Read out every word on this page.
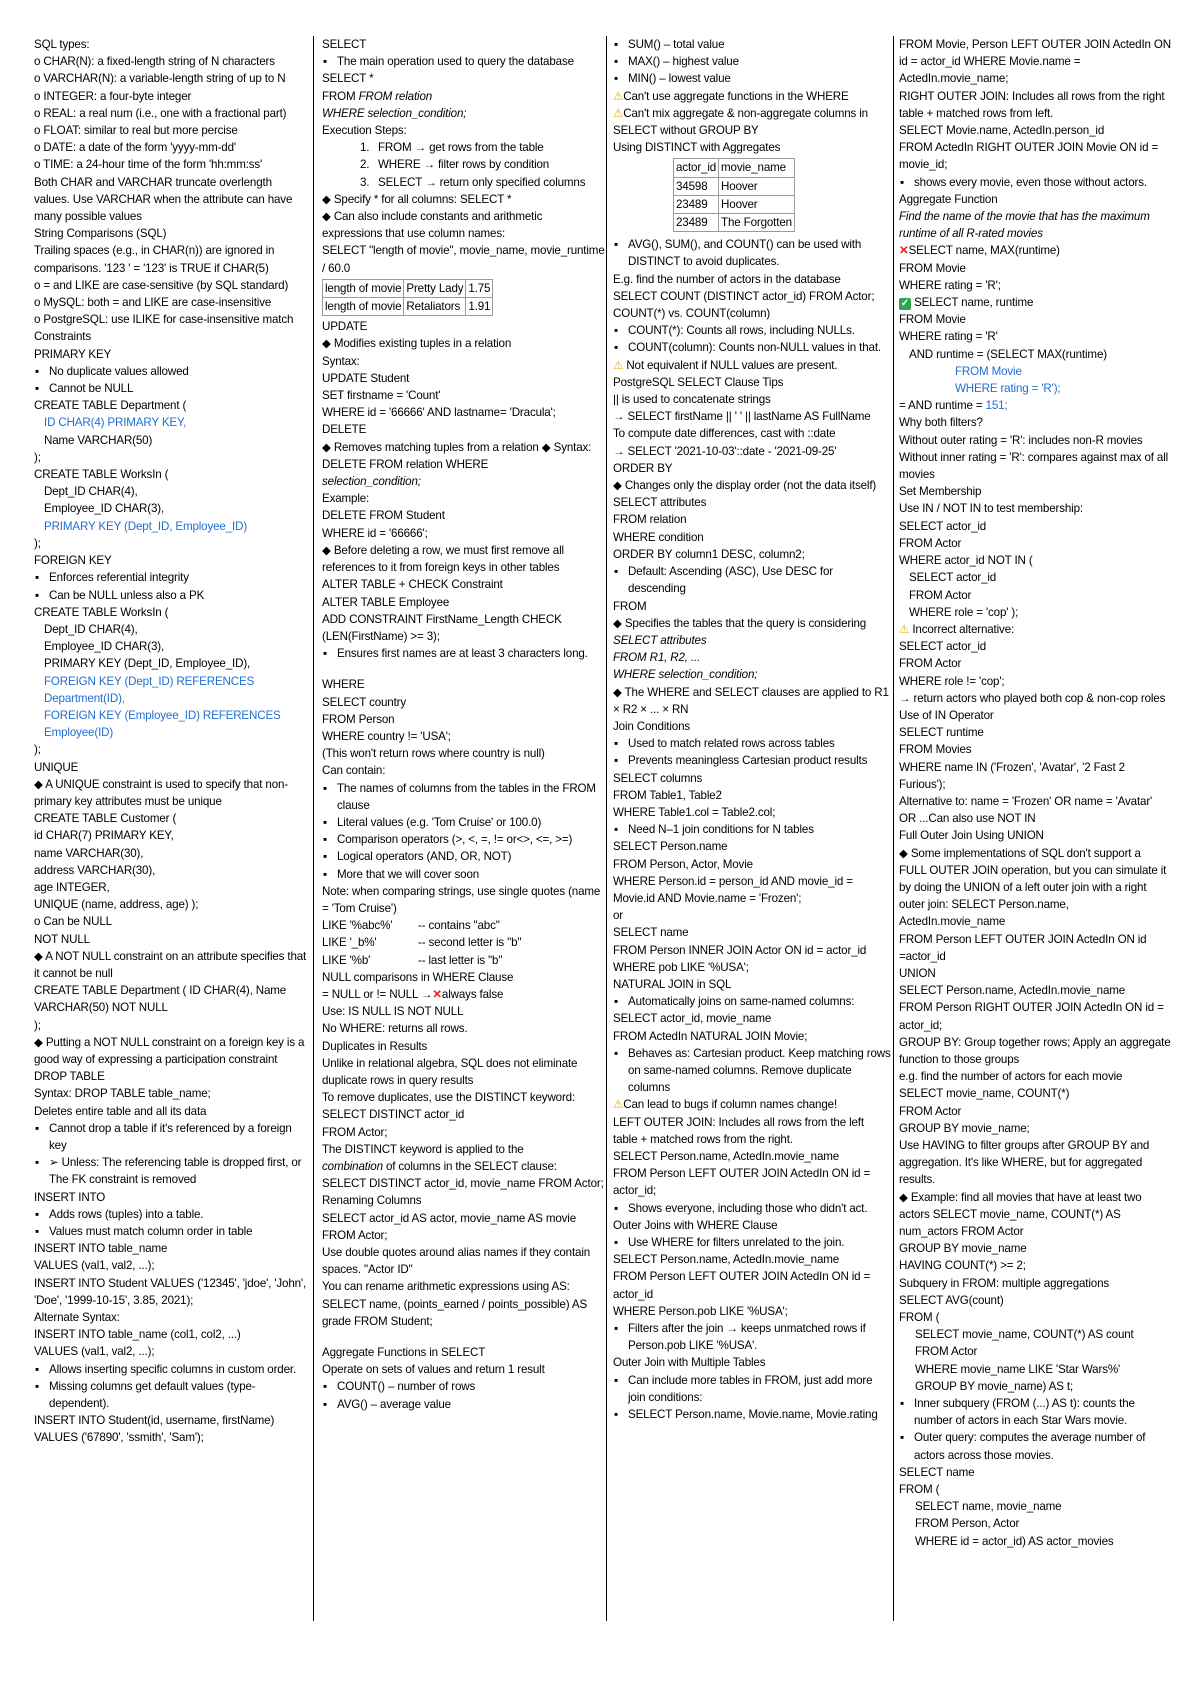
SQL types:

o CHAR(N): a fixed-length string of N characters

o VARCHAR(N): a variable-length string of up to N

o INTEGER: a four-byte integer

o REAL: a real num (i.e., one with a fractional part)

o FLOAT: similar to real but more percise

o DATE: a date of the form 'yyyy-mm-dd'

o TIME: a 24-hour time of the form 'hh:mm:ss'

Both CHAR and VARCHAR truncate overlength values. Use VARCHAR when the attribute can have many possible values

String Comparisons (SQL)

Trailing spaces (e.g., in CHAR(n)) are ignored in comparisons. '123 ' = '123' is TRUE if CHAR(5)

o = and LIKE are case-sensitive (by SQL standard)

o MySQL: both = and LIKE are case-insensitive

o PostgreSQL: use ILIKE for case-insensitive match

Constraints

PRIMARY KEY

▪ No duplicate values allowed

▪ Cannot be NULL

CREATE TABLE Department (

ID CHAR(4) PRIMARY KEY,

Name VARCHAR(50)

);

CREATE TABLE WorksIn (

Dept_ID CHAR(4),

Employee_ID CHAR(3),

PRIMARY KEY (Dept_ID, Employee_ID)

);

FOREIGN KEY

▪ Enforces referential integrity

▪ Can be NULL unless also a PK

CREATE TABLE WorksIn (

Dept_ID CHAR(4),

Employee_ID CHAR(3),

PRIMARY KEY (Dept_ID, Employee_ID),

FOREIGN KEY (Dept_ID) REFERENCES Department(ID),

FOREIGN KEY (Employee_ID) REFERENCES Employee(ID)

);

UNIQUE

◆ A UNIQUE constraint is used to specify that non-primary key attributes must be unique

CREATE TABLE Customer (

id CHAR(7) PRIMARY KEY,

name VARCHAR(30),

address VARCHAR(30),

age INTEGER,

UNIQUE (name, address, age) );

o Can be NULL

NOT NULL

◆ A NOT NULL constraint on an attribute specifies that it cannot be null

CREATE TABLE Department ( ID CHAR(4), Name VARCHAR(50) NOT NULL

);

◆ Putting a NOT NULL constraint on a foreign key is a good way of expressing a participation constraint

DROP TABLE

Syntax: DROP TABLE table_name;

Deletes entire table and all its data

▪ Cannot drop a table if it's referenced by a foreign key

▪ ➢ Unless: The referencing table is dropped first, or The FK constraint is removed

INSERT INTO

▪ Adds rows (tuples) into a table.

▪ Values must match column order in table

INSERT INTO table_name

VALUES (val1, val2, ...);

INSERT INTO Student VALUES ('12345', 'jdoe', 'John', 'Doe', '1999-10-15', 3.85, 2021);

Alternate Syntax:

INSERT INTO table_name (col1, col2, ...)

VALUES (val1, val2, ...);

▪ Allows inserting specific columns in custom order.

▪ Missing columns get default values (type-dependent).

INSERT INTO Student(id, username, firstName)

VALUES ('67890', 'ssmith', 'Sam');

SELECT

▪ The main operation used to query the database

SELECT *

FROM FROM relation

WHERE selection_condition;

Execution Steps:

1. FROM → get rows from the table

2. WHERE → filter rows by condition

3. SELECT → return only specified columns

◆ Specify * for all columns: SELECT *

◆ Can also include constants and arithmetic expressions that use column names:

SELECT "length of movie", movie_name, movie_runtime / 60.0

length of movie	Pretty Lady	1.75
length of movie	Retaliators	1.91

UPDATE

◆ Modifies existing tuples in a relation

Syntax:

UPDATE Student

SET firstname = 'Count'

WHERE id = '66666' AND lastname= 'Dracula';

DELETE

◆ Removes matching tuples from a relation ◆ Syntax:

DELETE FROM relation WHERE

selection_condition;

Example:

DELETE FROM Student

WHERE id = '66666';

◆ Before deleting a row, we must first remove all references to it from foreign keys in other tables

ALTER TABLE + CHECK Constraint

ALTER TABLE Employee

ADD CONSTRAINT FirstName_Length CHECK (LEN(FirstName) >= 3);

▪ Ensures first names are at least 3 characters long.

WHERE

SELECT country

FROM Person

WHERE country != 'USA';

(This won't return rows where country is null)

Can contain:

▪ The names of columns from the tables in the FROM clause

▪ Literal values (e.g. 'Tom Cruise' or 100.0)

▪ Comparison operators (>, <, =, != or<>, <=, >=)

▪ Logical operators (AND, OR, NOT)

▪ More that we will cover soon

Note: when comparing strings, use single quotes (name = 'Tom Cruise')

LIKE '%abc%' -- contains "abc"

LIKE '_b%'	-- second letter is "b"

LIKE '%b'	-- last letter is "b"

NULL comparisons in WHERE Clause

= NULL or != NULL →✕always false

Use: IS NULL IS NOT NULL

No WHERE: returns all rows.

Duplicates in Results

Unlike in relational algebra, SQL does not eliminate duplicate rows in query results

To remove duplicates, use the DISTINCT keyword:

SELECT DISTINCT actor_id

FROM Actor;

The DISTINCT keyword is applied to the

combination of columns in the SELECT clause:

SELECT DISTINCT actor_id, movie_name FROM Actor;

Renaming Columns

SELECT actor_id AS actor, movie_name AS movie

FROM Actor;

Use double quotes around alias names if they contain spaces. "Actor ID"

You can rename arithmetic expressions using AS:

SELECT name, (points_earned / points_possible) AS grade FROM Student;

Aggregate Functions in SELECT

Operate on sets of values and return 1 result

▪ COUNT() – number of rows

▪ AVG() – average value

▪ SUM() – total value

▪ MAX() – highest value

▪ MIN() – lowest value

⚠Can't use aggregate functions in the WHERE

⚠Can't mix aggregate & non-aggregate columns in SELECT without GROUP BY

Using DISTINCT with Aggregates

actor_id	movie_name
34598	Hoover
23489	Hoover
23489	The Forgotten

▪ AVG(), SUM(), and COUNT() can be used with DISTINCT to avoid duplicates.

E.g. find the number of actors in the database

SELECT COUNT (DISTINCT actor_id) FROM Actor;

COUNT(*) vs. COUNT(column)

▪ COUNT(*): Counts all rows, including NULLs.

▪ COUNT(column): Counts non-NULL values in that.

⚠ Not equivalent if NULL values are present.

PostgreSQL SELECT Clause Tips

|| is used to concatenate strings

→ SELECT firstName || ' ' || lastName AS FullName

To compute date differences, cast with ::date

→ SELECT '2021-10-03'::date - '2021-09-25'

ORDER BY

◆ Changes only the display order (not the data itself)

SELECT attributes

FROM relation

WHERE condition

ORDER BY column1 DESC, column2;

▪ Default: Ascending (ASC), Use DESC for descending

FROM

◆ Specifies the tables that the query is considering

SELECT attributes

FROM R1, R2, ...

WHERE selection_condition;

◆ The WHERE and SELECT clauses are applied to R1 × R2 × ... × RN

Join Conditions

▪ Used to match related rows across tables

▪ Prevents meaningless Cartesian product results

SELECT columns

FROM Table1, Table2

WHERE Table1.col = Table2.col;

▪ Need N–1 join conditions for N tables

SELECT Person.name

FROM Person, Actor, Movie

WHERE Person.id = person_id AND movie_id = Movie.id AND Movie.name = 'Frozen';

or

SELECT name

FROM Person INNER JOIN Actor ON id = actor_id WHERE pob LIKE '%USA';

NATURAL JOIN in SQL

▪ Automatically joins on same-named columns:

SELECT actor_id, movie_name

FROM ActedIn NATURAL JOIN Movie;

▪ Behaves as: Cartesian product. Keep matching rows on same-named columns. Remove duplicate columns

⚠Can lead to bugs if column names change!

LEFT OUTER JOIN: Includes all rows from the left table + matched rows from the right.

SELECT Person.name, ActedIn.movie_name

FROM Person LEFT OUTER JOIN ActedIn ON id = actor_id;

▪ Shows everyone, including those who didn't act.

Outer Joins with WHERE Clause

▪ Use WHERE for filters unrelated to the join.

SELECT Person.name, ActedIn.movie_name

FROM Person LEFT OUTER JOIN ActedIn ON id = actor_id

WHERE Person.pob LIKE '%USA';

▪ Filters after the join → keeps unmatched rows if Person.pob LIKE '%USA'.

Outer Join with Multiple Tables

▪ Can include more tables in FROM, just add more join conditions:

▪ SELECT Person.name, Movie.name, Movie.rating

FROM Movie, Person LEFT OUTER JOIN ActedIn ON id = actor_id WHERE Movie.name = ActedIn.movie_name;

RIGHT OUTER JOIN: Includes all rows from the right table + matched rows from left.

SELECT Movie.name, ActedIn.person_id

FROM ActedIn RIGHT OUTER JOIN Movie ON id = movie_id;

▪ shows every movie, even those without actors.

Aggregate Function

Find the name of the movie that has the maximum runtime of all R-rated movies

✕SELECT name, MAX(runtime)

FROM Movie

WHERE rating = 'R';

✓ SELECT name, runtime

FROM Movie

WHERE rating = 'R'

AND runtime = (SELECT MAX(runtime)

FROM Movie

WHERE rating = 'R');

= AND runtime = 151;

Why both filters?

Without outer rating = 'R': includes non-R movies

Without inner rating = 'R': compares against max of all movies

Set Membership

Use IN / NOT IN to test membership:

SELECT actor_id

FROM Actor

WHERE actor_id NOT IN (

SELECT actor_id

FROM Actor

WHERE role = 'cop' );

⚠ Incorrect alternative:

SELECT actor_id

FROM Actor

WHERE role != 'cop';

→ return actors who played both cop & non-cop roles

Use of IN Operator

SELECT runtime

FROM Movies

WHERE name IN ('Frozen', 'Avatar', '2 Fast 2 Furious');

Alternative to: name = 'Frozen' OR name = 'Avatar' OR ...Can also use NOT IN

Full Outer Join Using UNION

◆ Some implementations of SQL don't support a FULL OUTER JOIN operation, but you can simulate it by doing the UNION of a left outer join with a right outer join: SELECT Person.name, ActedIn.movie_name

FROM Person LEFT OUTER JOIN ActedIn ON id =actor_id

UNION

SELECT Person.name, ActedIn.movie_name

FROM Person RIGHT OUTER JOIN ActedIn ON id = actor_id;

GROUP BY: Group together rows; Apply an aggregate function to those groups

e.g. find the number of actors for each movie

SELECT movie_name, COUNT(*)

FROM Actor

GROUP BY movie_name;

Use HAVING to filter groups after GROUP BY and aggregation. It's like WHERE, but for aggregated results.

◆ Example: find all movies that have at least two actors SELECT movie_name, COUNT(*) AS num_actors FROM Actor

GROUP BY movie_name

HAVING COUNT(*) >= 2;

Subquery in FROM: multiple aggregations

SELECT AVG(count)

FROM (

SELECT movie_name, COUNT(*) AS count

FROM Actor

WHERE movie_name LIKE 'Star Wars%'

GROUP BY movie_name) AS t;

▪ Inner subquery (FROM (...) AS t): counts the number of actors in each Star Wars movie.

▪ Outer query: computes the average number of actors across those movies.

SELECT name

FROM (

SELECT name, movie_name

FROM Person, Actor

WHERE id = actor_id) AS actor_movies
